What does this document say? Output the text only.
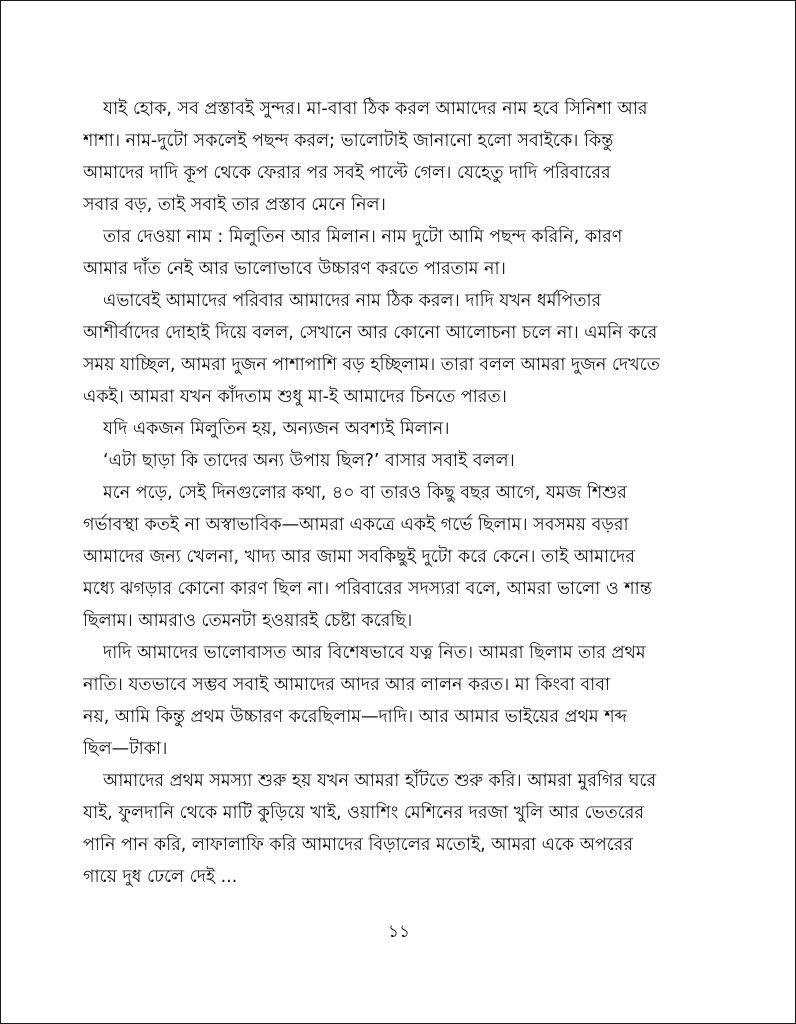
যাই হোক, সব প্রস্তাবই সুন্দর। মা-বাবা ঠিক করল আমাদের নাম হবে সিনিশা আর
শাশা। নাম-দুটো সকলেই পছন্দ করল; ভালোটাই জানানো হলো সবাইকে। কিন্তু
আমাদের দাদি কূপ থেকে ফেরার পর সবই পাল্টে গেল। যেহেতু দাদি পরিবারের
সবার বড়, তাই সবাই তার প্রস্তাব মেনে নিল।
তার দেওয়া নাম : মিলুতিন আর মিলান। নাম দুটো আমি পছন্দ করিনি, কারণ
আমার দাঁত নেই আর ভালোভাবে উচ্চারণ করতে পারতাম না।
এভাবেই আমাদের পরিবার আমাদের নাম ঠিক করল। দাদি যখন ধর্মপিতার
আশীর্বাদের দোহাই দিয়ে বলল, সেখানে আর কোনো আলোচনা চলে না। এমনি করে
সময় যাচ্ছিল, আমরা দুজন পাশাপাশি বড় হচ্ছিলাম। তারা বলল আমরা দুজন দেখতে
একই। আমরা যখন কাঁদতাম শুধু মা-ই আমাদের চিনতে পারত।
যদি একজন মিলুতিন হয়, অন্যজন অবশ্যই মিলান।
‘এটা ছাড়া কি তাদের অন্য উপায় ছিল?’ বাসার সবাই বলল।
মনে পড়ে, সেই দিনগুলোর কথা, ৪০ বা তারও কিছু বছর আগে, যমজ শিশুর
গর্ভাবস্থা কতই না অস্বাভাবিক—আমরা একত্রে একই গর্ভে ছিলাম। সবসময় বড়রা
আমাদের জন্য খেলনা, খাদ্য আর জামা সবকিছুই দুটো করে কেনে। তাই আমাদের
মধ্যে ঝগড়ার কোনো কারণ ছিল না। পরিবারের সদস্যরা বলে, আমরা ভালো ও শান্ত
ছিলাম। আমরাও তেমনটা হওয়ারই চেষ্টা করেছি।
দাদি আমাদের ভালোবাসত আর বিশেষভাবে যত্ন নিত। আমরা ছিলাম তার প্রথম
নাতি। যতভাবে সম্ভব সবাই আমাদের আদর আর লালন করত। মা কিংবা বাবা
নয়, আমি কিন্তু প্রথম উচ্চারণ করেছিলাম—দাদি। আর আমার ভাইয়ের প্রথম শব্দ
ছিল—টাকা।
আমাদের প্রথম সমস্যা শুরু হয় যখন আমরা হাঁটতে শুরু করি। আমরা মুরগির ঘরে
যাই, ফুলদানি থেকে মাটি কুড়িয়ে খাই, ওয়াশিং মেশিনের দরজা খুলি আর ভেতরের
পানি পান করি, লাফালাফি করি আমাদের বিড়ালের মতোই, আমরা একে অপরের
গায়ে দুধ ঢেলে দেই ...
১১
